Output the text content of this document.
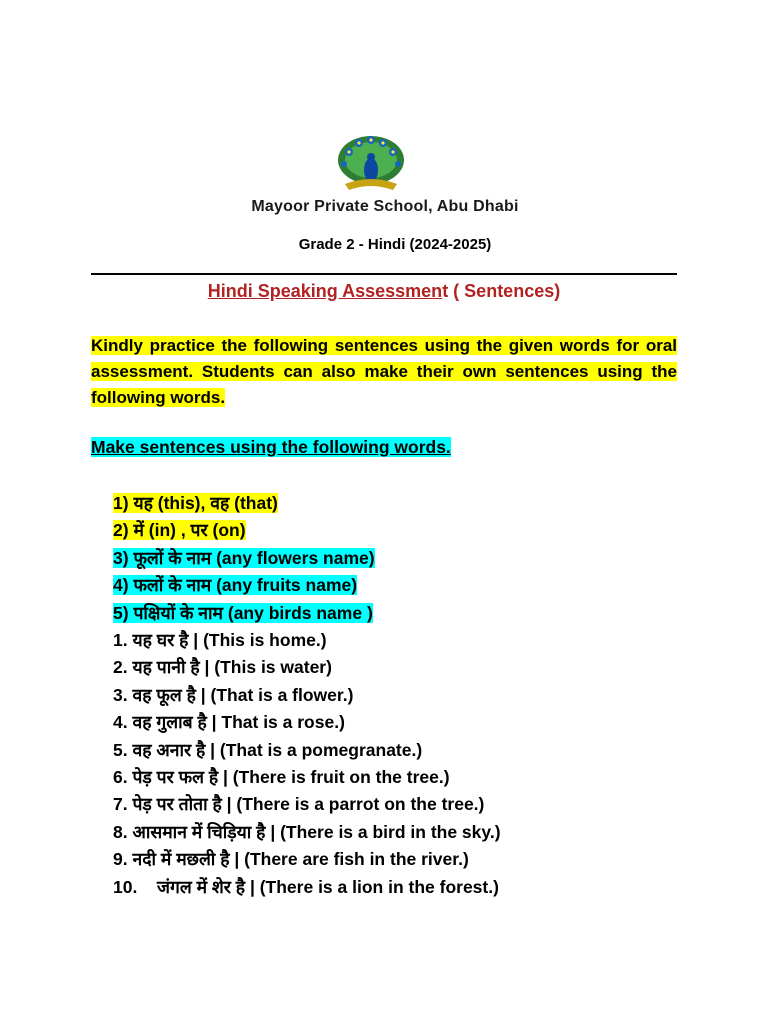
Mayoor Private School, Abu Dhabi
Grade 2 - Hindi (2024-2025)
Hindi Speaking Assessment ( Sentences)
Kindly practice the following sentences using the given words for oral assessment. Students can also make their own sentences using the following words.
Make sentences using the following words.
1) यह (this), वह (that)
2) में (in) , पर (on)
3) फूलों के नाम (any flowers name)
4) फलों के नाम (any fruits name)
5) पक्षियों के नाम (any birds name )
1. यह घर है | (This is home.)
2. यह पानी है | (This is water)
3. वह फूल है | (That is a flower.)
4. वह गुलाब है | That is a rose.)
5. वह अनार है | (That is a pomegranate.)
6. पेड़ पर फल है | (There is fruit on the tree.)
7. पेड़ पर तोता है | (There is a parrot on the tree.)
8. आसमान में चिड़िया है | (There is a bird in the sky.)
9. नदी में मछली है | (There are fish in the river.)
10. जंगल में शेर है | (There is a lion in the forest.)
